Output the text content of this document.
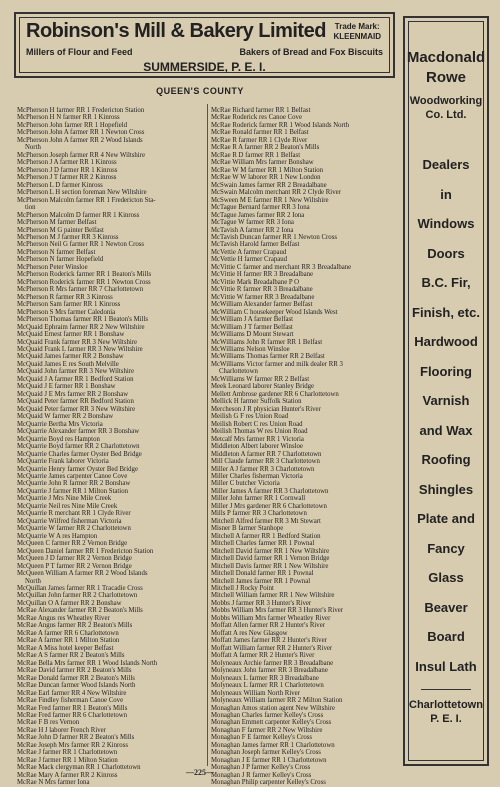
Robinson's Mill & Bakery Limited Trade Mark:
KLEENMAID
Millers of Flour and Feed	Bakers of Bread and Fox Biscuits
SUMMERSIDE, P. E. I.
QUEEN'S COUNTY
McPherson H farmer RR 1 Fredericton Station
McPherson H N farmer RR 1 Kinross
McPherson John farmer RR 1 Hopefield
McPherson John A farmer RR 1 Newton Cross
McPherson John A farmer RR 2 Wood Islands
North
McPherson Joseph farmer RR 4 New Wiltshire
McPherson J A farmer RR 1 Kinross
McPherson J D farmer RR 1 Kinross
McPherson J T farmer RR 2 Kinross
McPherson L D farmer Kinross
McPherson L H section foreman New Wiltshire
McPherson Malcolm farmer RR 1 Fredericton Sta-
tion
McPherson Malcolm D farmer RR 1 Kinross
McPherson M farmer Belfast
McPherson M G painter Belfast
McPherson M J farmer RR 3 Kinross
McPherson Neil G farmer RR 1 Newton Cross
McPherson N farmer Belfast
McPherson N farmer Hopefield
McPherson Peter Winsloe
McPherson Roderick farmer RR 1 Beaton's Mills
McPherson Roderick farmer RR 1 Newton Cross
McPherson R Mrs farmer RR 7 Charlottetown
McPherson R farmer RR 3 Kinross
McPherson Sam farmer RR 1 Kinross
McPherson S Mrs farmer Caledonia
McPherson Thomas farmer RR 1 Beaton's Mills
McQuaid Ephraim farmer RR 2 New Wiltshire
McQuaid Ernest farmer RR 1 Bonshaw
McQuaid Frank farmer RR 3 New Wiltshire
McQuaid Frank L farmer RR 3 New Wiltshire
McQuaid James farmer RR 2 Bonshaw
McQuaid James E res South Melville
McQuaid John farmer RR 3 New Wiltshire
McQuaid J A farmer RR 1 Bedford Station
McQuaid J E farmer RR 1 Bonshaw
McQuaid J E Mrs farmer RR 2 Bonshaw
McQuaid Peter farmer RR Bedford Station
McQuaid Peter farmer RR 3 New Wiltshire
McQuaid W farmer RR 2 Bonshaw
McQuarrie Bertha Mrs Victoria
McQuarrie Alexander farmer RR 3 Bonshaw
McQuarrie Boyd res Hampton
McQuarrie Boyd farmer RR 2 Charlottetown
McQuarrie Charles farmer Oyster Bed Bridge
McQuarrie Frank laborer Victoria
McQuarrie Henry farmer Oyster Bed Bridge
McQuarrie James carpenter Canoe Cove
McQuarrie John R farmer RR 2 Bonshaw
McQuarrie J farmer RR 1 Milton Station
McQuarrie J Mrs Nine Mile Creek
McQuarrie Neil res Nine Mile Creek
McQuarrie R merchant RR 1 Clyde River
McQuarrie Wilfred fisherman Victoria
McQuarrie W farmer RR 2 Charlottetown
McQuarrie W A res Hampton
McQueen C farmer RR 2 Vernon Bridge
McQueen Daniel farmer RR 1 Fredericton Station
McQueen J D farmer RR 2 Vernon Bridge
McQueen P T farmer RR 2 Vernon Bridge
McQueen William A farmer RR 2 Wood Islands
North
McQuillan James farmer RR 1 Tracadie Cross
McQuillan John farmer RR 2 Charlottetown
McQuillan O A farmer RR 2 Bonshaw
McRae Alexander farmer RR 2 Beaton's Mills
McRae Angus res Wheatley River
McRae Angus farmer RR 2 Beaton's Mills
McRae A farmer RR 6 Charlottetown
McRae A farmer RR 1 Milton Station
McRae A Miss hotel keeper Belfast
McRae A S farmer RR 2 Beaton's Mills
McRae Bella Mrs farmer RR 1 Wood Islands North
McRae David farmer RR 2 Beaton's Mills
McRae Donald farmer RR 2 Beaton's Mills
McRae Duncan farmer Wood Islands North
McRae Earl farmer RR 4 New Wiltshire
McRae Findley fisherman Canoe Cove
McRae Fred farmer RR 1 Beaton's Mills
McRae Fred farmer RR 6 Charlottetown
McRae F B res Vernon
McRae H J laborer French River
McRae John D farmer RR 2 Beaton's Mills
McRae Joseph Mrs farmer RR 2 Kinross
McRae J farmer RR 1 Charlottetown
McRae J farmer RR 1 Milton Station
McRae Mack clergyman RR 1 Charlottetown
McRae Mary A farmer RR 2 Kinross
McRae N Mrs farmer Iona
McRae Richard farmer RR 1 Belfast
McRae Roderick res Canoe Cove
McRae Roderick farmer RR 1 Wood Islands North
McRae Ronald farmer RR 1 Belfast
McRae R farmer RR 1 Clyde River
McRae R A farmer RR 2 Beaton's Mills
McRae R D farmer RR 1 Belfast
McRae William Mrs farmer Bonshaw
McRae W M farmer RR 1 Milton Station
McRae W W laborer RR 1 New London
McSwain James farmer RR 2 Breadalbane
McSwain Malcolm merchant RR 2 Clyde River
McSween M E farmer RR 1 New Wiltshire
McTague Bernard farmer RR 3 Iona
McTague James farmer RR 2 Iona
McTague W farmer RR 3 Iona
McTavish A farmer RR 2 Iona
McTavish Duncan farmer RR 1 Newton Cross
McTavish Harold farmer Belfast
McVettie A farmer Crapaud
McVettie H farmer Crapaud
McVittie C farmer and merchant RR 3 Breadalbane
McVittie H farmer RR 3 Breadalbane
McVittie Mark Breadalbane P O
McVittie R farmer RR 3 Breadalbane
McVittie W farmer RR 3 Breadalbane
McWilliam Alexander farmer Belfast
McWilliam C housekeeper Wood Islands West
McWilliam J A farmer Belfast
McWilliam J T farmer Belfast
McWilliams D Mount Stewart
McWilliams John R farmer RR 1 Belfast
McWilliams Nelson Winsloe
McWilliams Thomas farmer RR 2 Belfast
McWilliams Victor farmer and milk dealer RR 3
Charlottetown
McWilliams W farmer RR 2 Belfast
Meek Leonard laborer Stanley Bridge
Mellett Ambrose gardener RR 6 Charlottetown
Mellick H farmer Suffolk Station
Mercheson J R physician Hunter's River
Meilish G F res Union Road
Meilish Robert C res Union Road
Meilish Thomas W res Union Road
Metcalf Mrs farmer RR 1 Victoria
Middleton Albert laborer Winsloe
Middleton A farmer RR 7 Charlottetown
Mill Claude farmer RR 3 Charlottetown
Miller A J farmer RR 3 Charlottetown
Miller Charles fisherman Victoria
Miller C butcher Victoria
Miller James A farmer RR 3 Charlottetown
Miller John farmer RR 1 Cornwall
Miller J Mrs gardener RR 6 Charlottetown
Mills P farmer RR 3 Charlottetown
Mitchell Alfred farmer RR 3 Mt Stewart
Misner B farmer Stanhope
Mitchell A farmer RR 1 Bedford Station
Mitchell Charles farmer RR 1 Pownal
Mitchell David farmer RR 1 New Wiltshire
Mitchell David farmer RR 1 Vernon Bridge
Mitchell Davis farmer RR 1 New Wiltshire
Mitchell Donald farmer RR 1 Pownal
Mitchell James farmer RR 1 Pownal
Mitchell J Rocky Point
Mitchell William farmer RR 1 New Wiltshire
Mobbs J farmer RR 3 Hunter's River
Mobbs William Mrs farmer RR 3 Hunter's River
Mobbs William Mrs farmer Wheatley River
Moffatt Allen farmer RR 2 Hunter's River
Moffatt A res New Glasgow
Moffatt James farmer RR 2 Hunter's River
Moffatt William farmer RR 2 Hunter's River
Moffatt A farmer RR 2 Hunter's River
Molyneaux Archie farmer RR 3 Breadalbane
Molyneaux John farmer RR 3 Breadalbane
Molyneaux L farmer RR 3 Breadalbane
Molyneaux L farmer RR 1 Charlottetown
Molyneaux William North River
Molyneaux William farmer RR 2 Milton Station
Monaghan Amos station agent New Wiltshire
Monaghan Charles farmer Kelley's Cross
Monaghan Emmett carpenter Kelley's Cross
Monaghan F farmer RR 2 New Wiltshire
Monaghan F E farmer Kelley's Cross
Monaghan James farmer RR 1 Charlottetown
Monaghan Joseph farmer Kelley's Cross
Monaghan J E farmer RR 1 Charlottetown
Monaghan J P farmer Kelley's Cross
Monaghan J R farmer Kelley's Cross
Monaghan Philip carpenter Kelley's Cross
Macdonald Rowe
Woodworking Co. Ltd.
Dealers
in
Windows
Doors
B.C. Fir,
Finish, etc.
Hardwood
Flooring
Varnish
and Wax
Roofing
Shingles
Plate and
Fancy
Glass
Beaver
Board
Insul Lath
Charlottetown
P. E. I.
—225—
